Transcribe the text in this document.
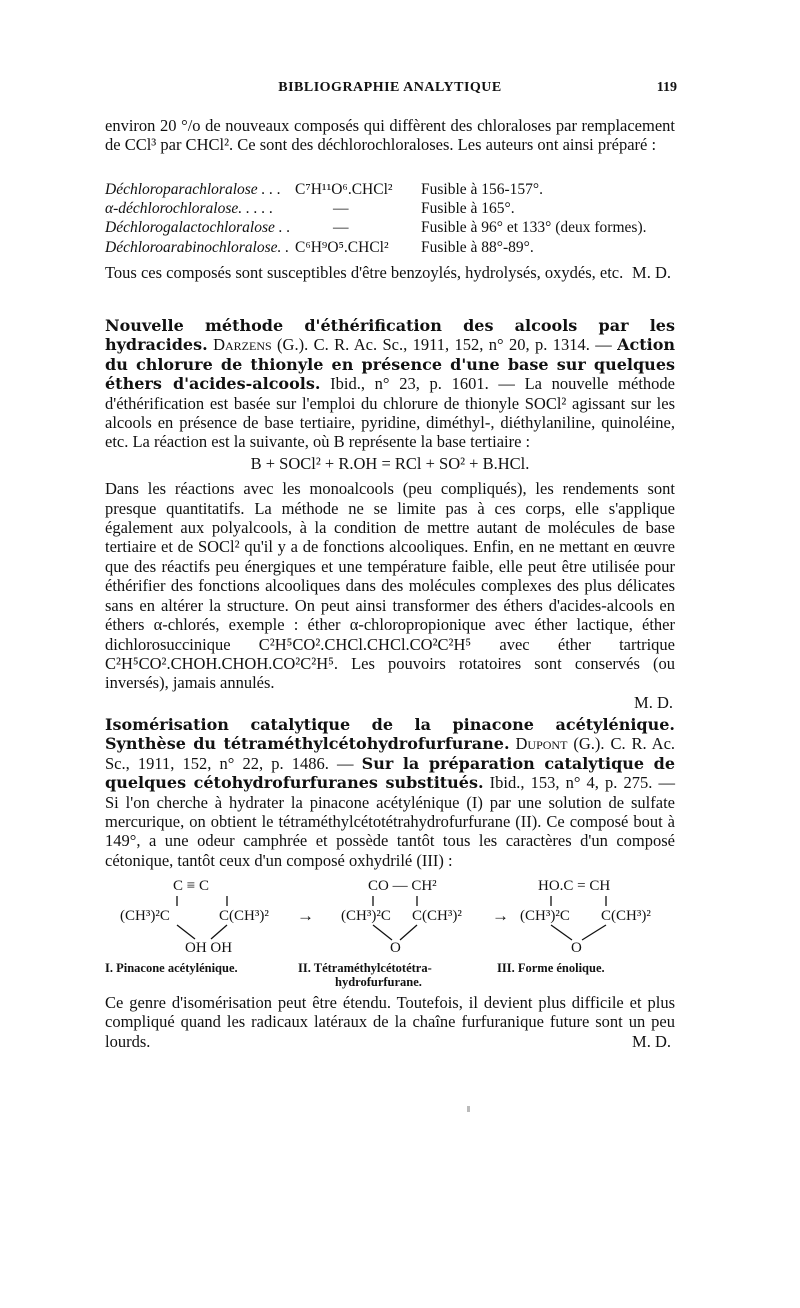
BIBLIOGRAPHIE ANALYTIQUE	119

environ 20 °/o de nouveaux composés qui diffèrent des chloraloses par remplacement de CCl³ par CHCl². Ce sont des déchlorochloraloses. Les auteurs ont ainsi préparé :

Déchloroparachloralose . . .	C⁷H¹¹O⁶.CHCl²	Fusible à 156-157°.
α-déchlorochloralose. . . . .	—	Fusible à 165°.
Déchlorogalactochloralose . .	—	Fusible à 96° et 133° (deux formes).
Déchloroarabinochloralose. .	C⁶H⁹O⁵.CHCl²	Fusible à 88°-89°.

Tous ces composés sont susceptibles d'être benzoylés, hydrolysés, oxydés, etc. M. D.

Nouvelle méthode d'éthérification des alcools par les hydracides. Darzens (G.). C. R. Ac. Sc., 1911, 152, n° 20, p. 1314. — Action du chlorure de thionyle en présence d'une base sur quelques éthers d'acides-alcools. Ibid., n° 23, p. 1601. — La nouvelle méthode d'éthérification est basée sur l'emploi du chlorure de thionyle SOCl² agissant sur les alcools en présence de base tertiaire, pyridine, diméthyl-, diéthylaniline, quinoléine, etc. La réaction est la suivante, où B représente la base tertiaire :

B + SOCl² + R.OH = RCl + SO² + B.HCl.

Dans les réactions avec les monoalcools (peu compliqués), les rendements sont presque quantitatifs. La méthode ne se limite pas à ces corps, elle s'applique également aux polyalcools, à la condition de mettre autant de molécules de base tertiaire et de SOCl² qu'il y a de fonctions alcooliques. Enfin, en ne mettant en œuvre que des réactifs peu énergiques et une température faible, elle peut être utilisée pour éthérifier des fonctions alcooliques dans des molécules complexes des plus délicates sans en altérer la structure. On peut ainsi transformer des éthers d'acides-alcools en éthers α-chlorés, exemple : éther α-chloropropionique avec éther lactique, éther dichlorosuccinique C²H⁵CO².CHCl.CHCl.CO²C²H⁵ avec éther tartrique C²H⁵CO².CHOH.CHOH.CO²C²H⁵. Les pouvoirs rotatoires sont conservés (ou inversés), jamais annulés.

M. D.

Isomérisation catalytique de la pinacone acétylénique. Synthèse du tétraméthylcétohydrofurfurane. Dupont (G.). C. R. Ac. Sc., 1911, 152, n° 22, p. 1486. — Sur la préparation catalytique de quelques cétohydrofurfuranes substitués. Ibid., 153, n° 4, p. 275. — Si l'on cherche à hydrater la pinacone acétylénique (I) par une solution de sulfate mercurique, on obtient le tétraméthylcétotétrahydrofurfurane (II). Ce composé bout à 149°, a une odeur camphrée et possède tantôt tous les caractères d'un composé cétonique, tantôt ceux d'un composé oxhydrilé (III) :

C ≡ C
(CH³)²C	C(CH³)²
OH OH
→
CO — CH²
(CH³)²C C(CH³)²
O
→
HO.C = CH
(CH³)²C C(CH³)²
O
I. Pinacone acétylénique.	II. Tétraméthylcétotétra-
hydrofurfurane.
III. Forme énolique.

Ce genre d'isomérisation peut être étendu. Toutefois, il devient plus difficile et plus compliqué quand les radicaux latéraux de la chaîne furfuranique future sont un peu lourds.	M. D.
